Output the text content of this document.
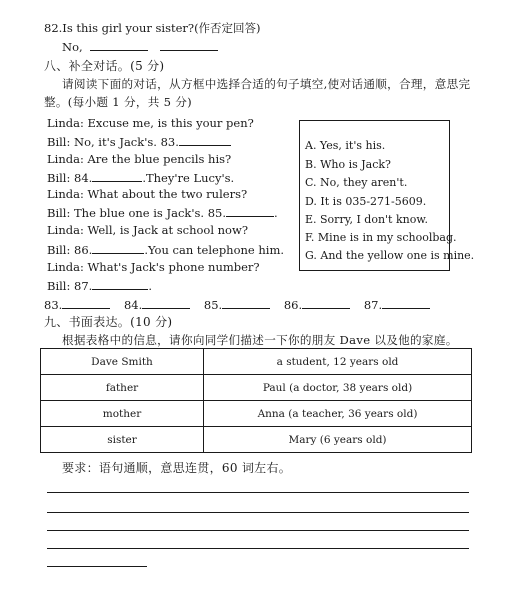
82.Is this girl your sister?(作否定回答)
No,
八、补全对话。(5 分)
请阅读下面的对话，从方框中选择合适的句子填空,使对话通顺，合理，意思完
整。(每小题 1 分，共 5 分)
Linda: Excuse me, is this your pen?
Bill: No, it's Jack's. 83.
Linda: Are the blue pencils his?
Bill: 84.	.They're Lucy's.
Linda: What about the two rulers?
Bill: The blue one is Jack's. 85.	.
Linda: Well, is Jack at school now?
Bill: 86.	.You can telephone him.
Linda: What's Jack's phone number?
Bill: 87.	.
A. Yes, it's his.
B. Who is Jack?
C. No, they aren't.
D. It is 035-271-5609.
E. Sorry, I don't know.
F. Mine is in my schoolbag.
G. And the yellow one is mine.
83.	84.	85.	86.	87.
九、书面表达。(10 分)
根据表格中的信息，请你向同学们描述一下你的朋友 Dave 以及他的家庭。
Dave Smith	a student, 12 years old
father	Paul (a doctor, 38 years old)
mother	Anna (a teacher, 36 years old)
sister	Mary (6 years old)
要求：语句通顺，意思连贯，60 词左右。
